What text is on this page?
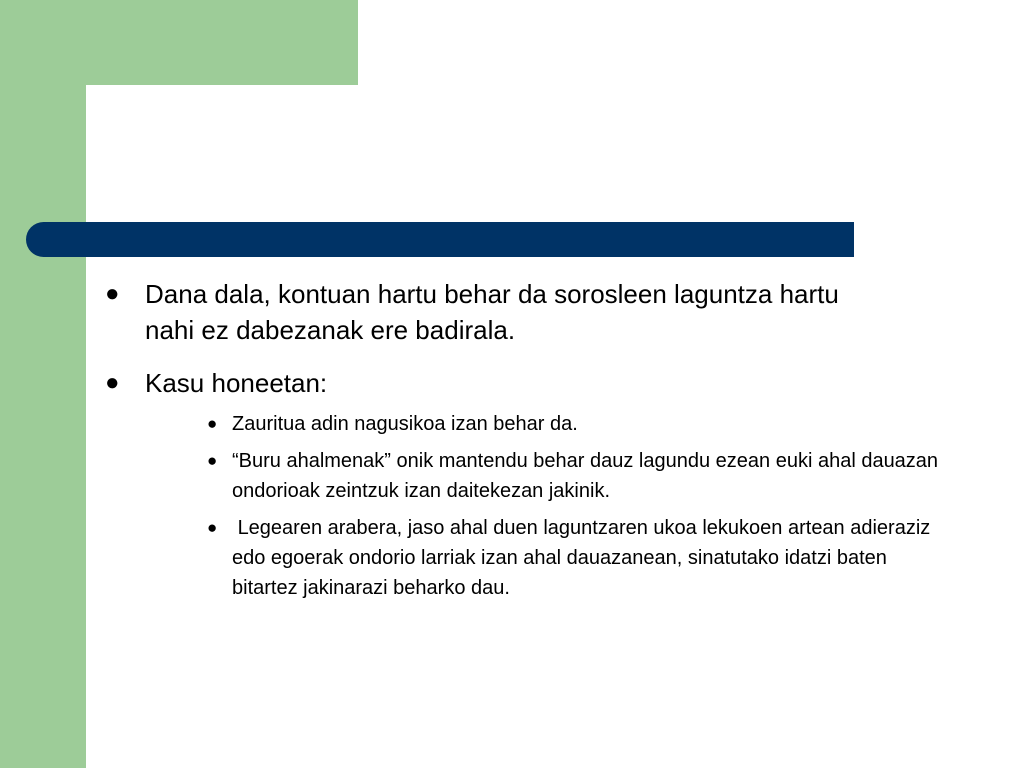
● Dana dala, kontuan hartu behar da sorosleen laguntza hartu nahi ez dabezanak ere badirala.
● Kasu honeetan:
● Zauritua adin nagusikoa izan behar da.
● “Buru ahalmenak” onik mantendu behar dauz lagundu ezean euki ahal dauazan ondorioak zeintzuk izan daitekezan jakinik.
● Legearen arabera, jaso ahal duen laguntzaren ukoa lekukoen artean adieraziz edo egoerak ondorio larriak izan ahal dauazanean, sinatutako idatzi baten bitartez jakinarazi beharko dau.
